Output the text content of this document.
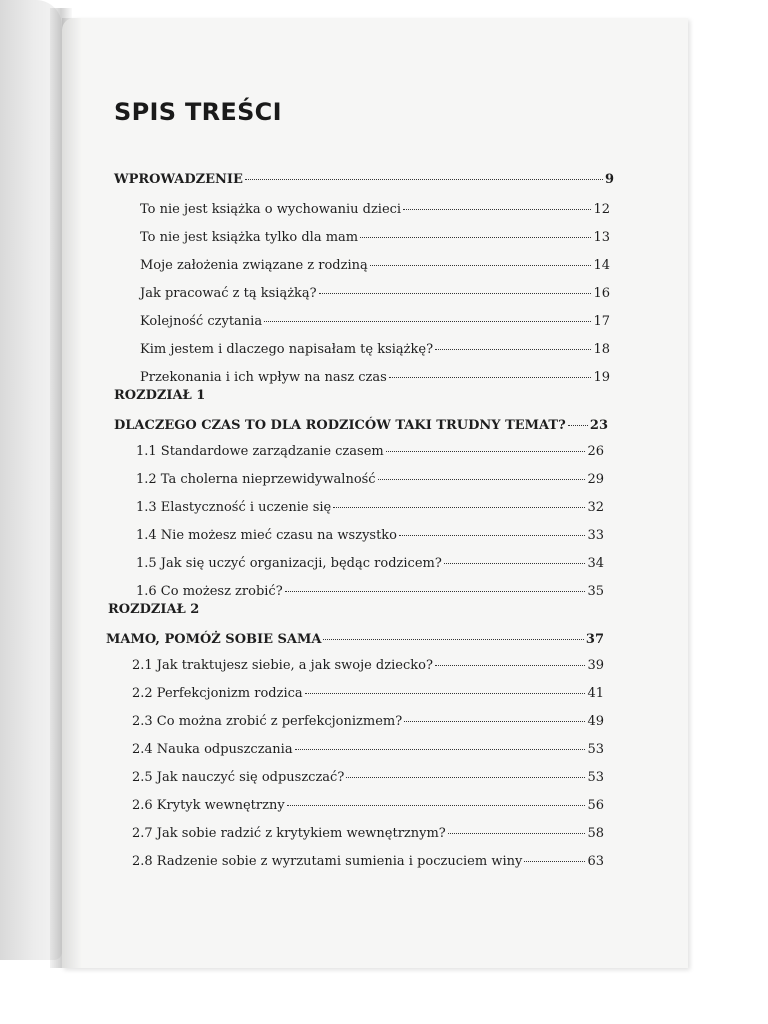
SPIS TREŚCI
WPROWADZENIE	9
To nie jest książka o wychowaniu dzieci	12
To nie jest książka tylko dla mam	13
Moje założenia związane z rodziną	14
Jak pracować z tą książką?	16
Kolejność czytania	17
Kim jestem i dlaczego napisałam tę książkę?	18
Przekonania i ich wpływ na nasz czas	19
ROZDZIAŁ 1
DLACZEGO CZAS TO DLA RODZICÓW TAKI TRUDNY TEMAT? 23
1.1 Standardowe zarządzanie czasem	26
1.2 Ta cholerna nieprzewidywalność	29
1.3 Elastyczność i uczenie się	32
1.4 Nie możesz mieć czasu na wszystko	33
1.5 Jak się uczyć organizacji, będąc rodzicem?	34
1.6 Co możesz zrobić?	35
ROZDZIAŁ 2
MAMO, POMÓŻ SOBIE SAMA	37
2.1 Jak traktujesz siebie, a jak swoje dziecko?	39
2.2 Perfekcjonizm rodzica	41
2.3 Co można zrobić z perfekcjonizmem?	49
2.4 Nauka odpuszczania	53
2.5 Jak nauczyć się odpuszczać?	53
2.6 Krytyk wewnętrzny	56
2.7 Jak sobie radzić z krytykiem wewnętrznym?	58
2.8 Radzenie sobie z wyrzutami sumienia i poczuciem winy	63
